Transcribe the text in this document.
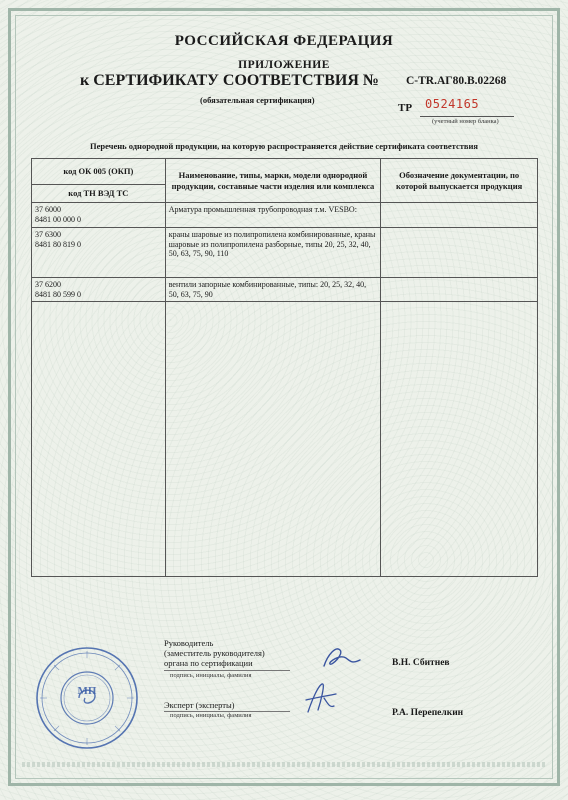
РОССИЙСКАЯ ФЕДЕРАЦИЯ
ПРИЛОЖЕНИЕ
к СЕРТИФИКАТУ СООТВЕТСТВИЯ № С-TR.АГ80.В.02268
(обязательная сертификация)
ТР 0524165
(учетный номер бланка)
Перечень однородной продукции, на которую распространяется действие сертификата соответствия
код ОК 005 (ОКП)	Наименование, типы, марки, модели однородной продукции, составные части изделия или комплекса	Обозначение документации, по которой выпускается продукция
код ТН ВЭД ТС		

37 6000
8481 00 000 0	Арматура промышленная трубопроводная т.м. VESBO:	

37 6300
8481 80 819 0	краны шаровые из полипропилена комбинированные, краны шаровые из полипропилена разборные, типы 20, 25, 32, 40, 50, 63, 75, 90, 110	

37 6200
8481 80 599 0	вентили запорные комбинированные, типы: 20, 25, 32, 40, 50, 63, 75, 90	

Руководитель
(заместитель руководителя)
органа по сертификации
подпись, инициалы, фамилия
В.Н. Сбитнев
Эксперт (эксперты)
подпись, инициалы, фамилия	Р.А. Перепелкин
МП
